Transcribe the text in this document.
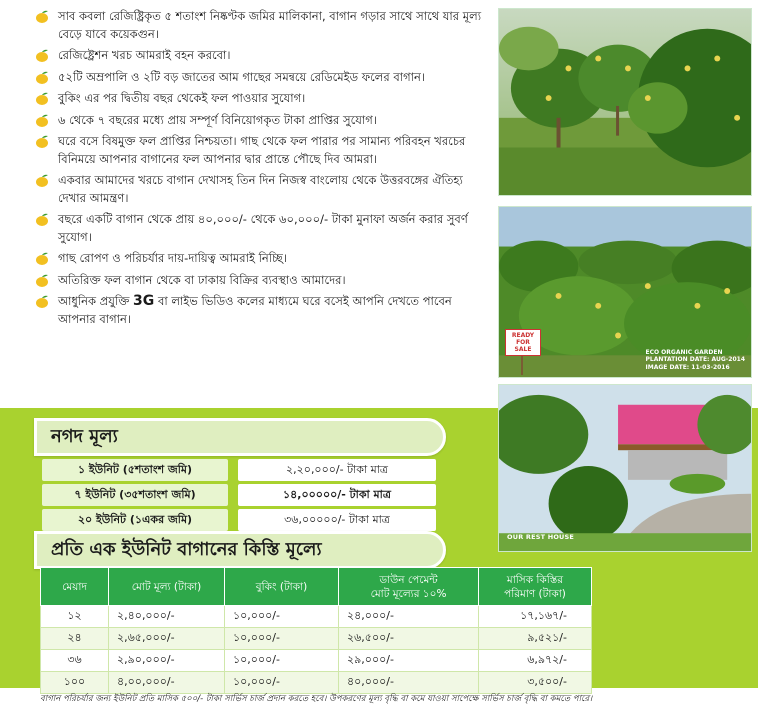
সাব কবলা রেজিষ্ট্রিকৃত ৫ শতাংশ নিষ্কণ্টক জমির মালিকানা, বাগান গড়ার সাথে সাথে যার মূল্য বেড়ে যাবে কয়েকগুন।
রেজিষ্ট্রেশন খরচ আমরাই বহন করবো।
৫২টি অম্রপালি ও ২টি বড় জাতের আম গাছের সমন্বয়ে রেডিমেইড ফলের বাগান।
বুকিং এর পর দ্বিতীয় বছর থেকেই ফল পাওয়ার সুযোগ।
৬ থেকে ৭ বছরের মধ্যে প্রায় সম্পূর্ণ বিনিয়োগকৃত টাকা প্রাপ্তির সুযোগ।
ঘরে বসে বিষমুক্ত ফল প্রাপ্তির নিশ্চয়তা। গাছ থেকে ফল পারার পর সামান্য পরিবহন খরচের বিনিময়ে আপনার বাগানের ফল আপনার দ্বার প্রান্তে পৌছে দিব আমরা।
একবার আমাদের খরচে বাগান দেখাসহ তিন দিন নিজস্ব বাংলোয় থেকে উত্তরবঙ্গের ঐতিহ্য দেখার আমন্ত্রণ।
বছরে একটি বাগান থেকে প্রায় ৪০,০০০/- থেকে ৬০,০০০/- টাকা মুনাফা অর্জন করার সুবর্ণ সুযোগ।
গাছ রোপণ ও পরিচর্যার দায়-দায়িত্ব আমরাই নিচ্ছি।
অতিরিক্ত ফল বাগান থেকে বা ঢাকায় বিক্রির ব্যবস্থাও আমাদের।
আধুনিক প্রযুক্তি 3G বা লাইভ ভিডিও কলের মাধ্যমে ঘরে বসেই আপনি দেখতে পাবেন আপনার বাগান।
READY
FOR SALE	ECO ORGANIC GARDEN
PLANTATION DATE: AUG-2014
IMAGE DATE: 11-03-2016
OUR REST HOUSE
নগদ মূল্য
১ ইউনিট (৫শতাংশ জমি)		২,২০,০০০/- টাকা মাত্র
৭ ইউনিট (৩৫শতাংশ জমি)		১৪,০০০০০/- টাকা মাত্র
২০ ইউনিট (১একর জমি)		৩৬,০০০০০/- টাকা মাত্র
প্রতি এক ইউনিট বাগানের কিস্তি মূল্যে
মেয়াদ	মোট মূল্য (টাকা)	বুকিং (টাকা)	ডাউন পেমেন্ট
মোট মূল্যের ১০%	মাসিক কিস্তির
পরিমাণ (টাকা)
১২	২,৪০,০০০/-	১০,০০০/-	২৪,০০০/-	১৭,১৬৭/-
২৪	২,৬৫,০০০/-	১০,০০০/-	২৬,৫০০/-	৯,৫২১/-
৩৬	২,৯০,০০০/-	১০,০০০/-	২৯,০০০/-	৬,৯৭২/-
১০০	৪,০০,০০০/-	১০,০০০/-	৪০,০০০/-	৩,৫০০/-
বাগান পরিচর্যার জন্য ইউনিট প্রতি মাসিক ৫০০/- টাকা সার্ভিস চার্জ প্রদান করতে হবে। উপকরণের মূল্য বৃদ্ধি বা কমে যাওয়া সাপেক্ষে সার্ভিস চার্জ বৃদ্ধি বা কমতে পারে।
